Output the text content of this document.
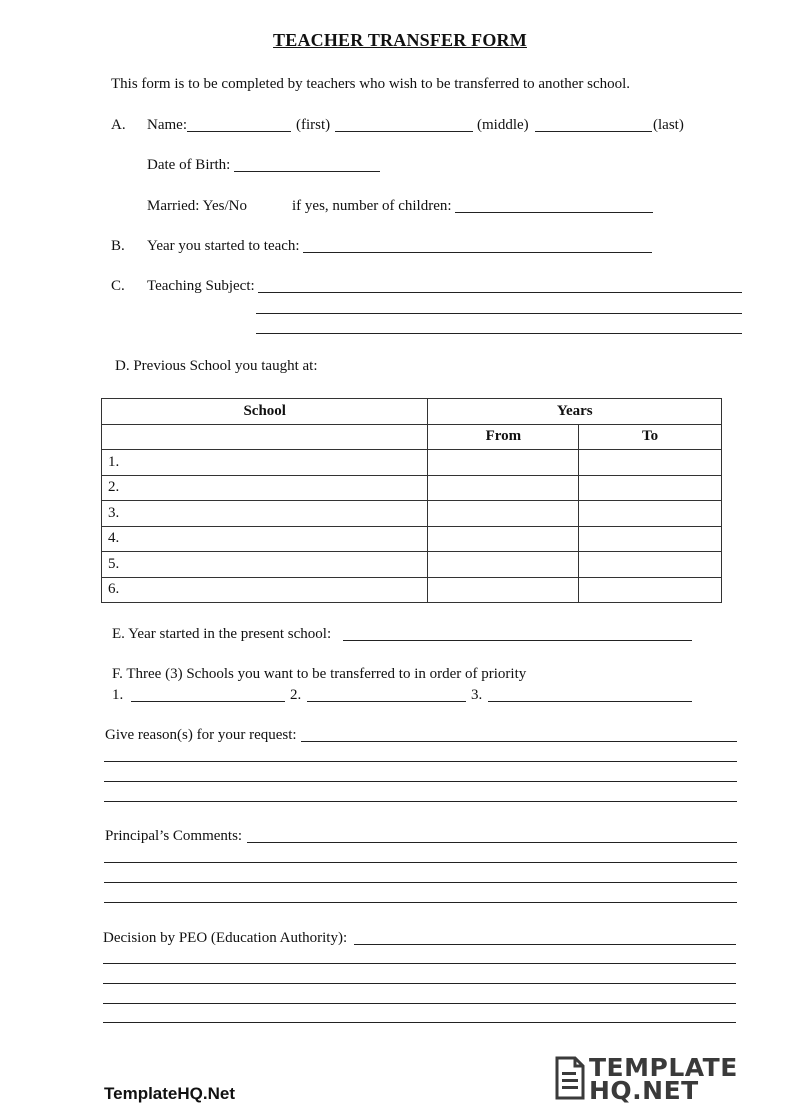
TEACHER TRANSFER FORM
This form is to be completed by teachers who wish to be transferred to another school.
A. Name:	(first)	(middle)	(last)
Date of Birth:
Married: Yes/No	if yes, number of children:
B. Year you started to teach:
C. Teaching Subject:
D. Previous School you taught at:
School	Years	
	From	To
1.		
2.		
3.		
4.		
5.		
6.		
E. Year started in the present school:
F. Three (3) Schools you want to be transferred to in order of priority
1.	2.	3.
Give reason(s) for your request:
Principal’s Comments:
Decision by PEO (Education Authority):
TemplateHQ.Net
TEMPLATE
HQ.NET
